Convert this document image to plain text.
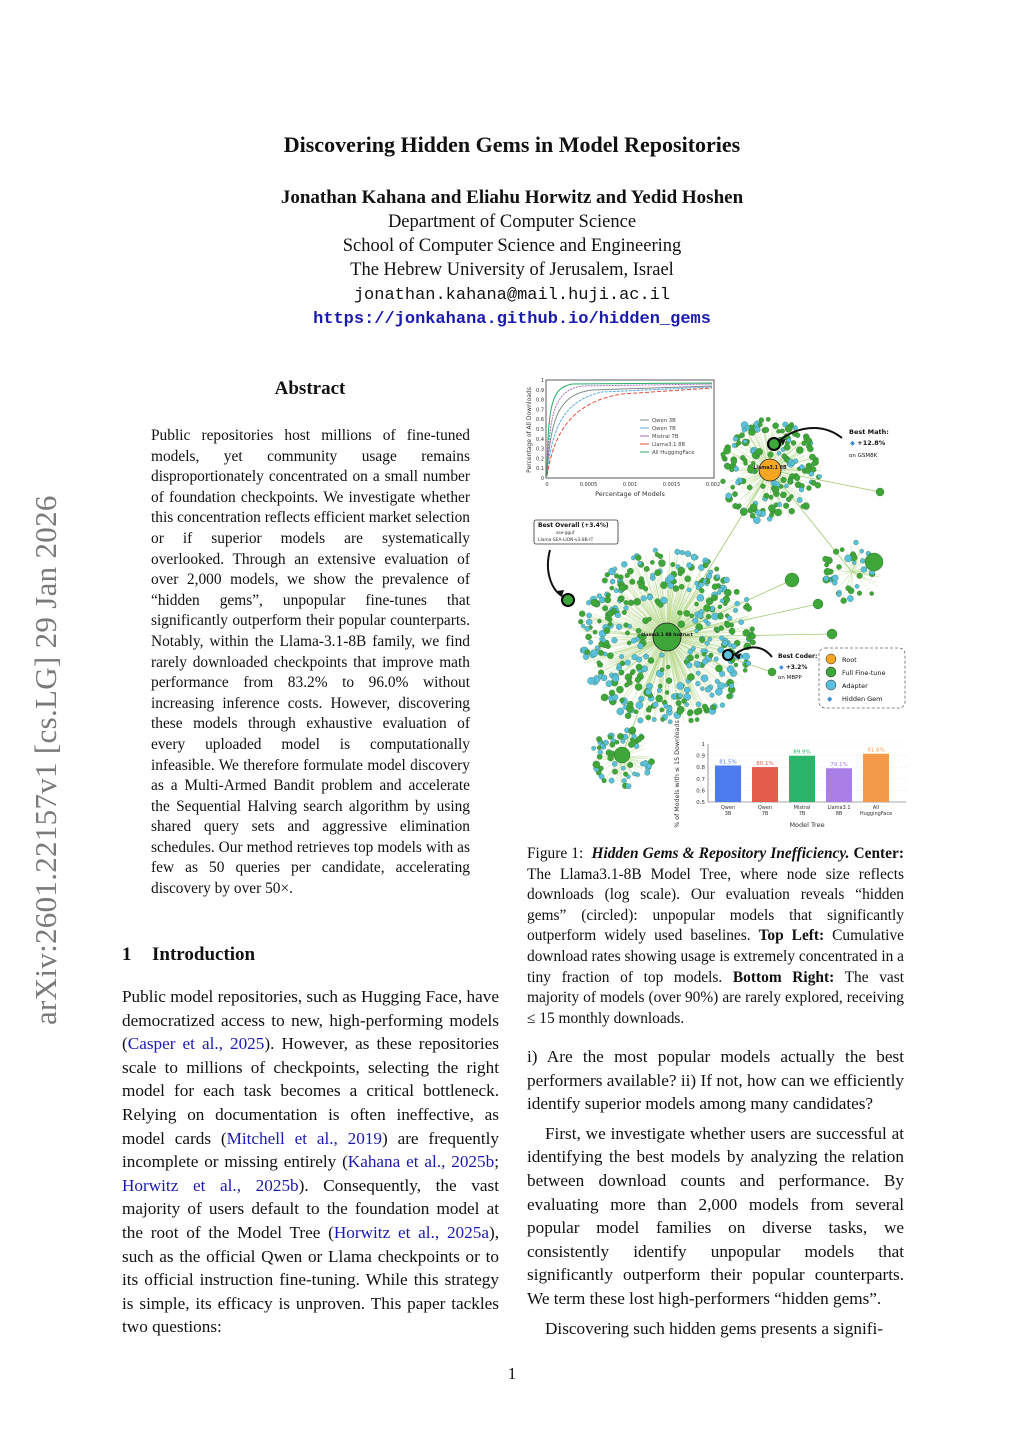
Discovering Hidden Gems in Model Repositories
Jonathan Kahana and Eliahu Horwitz and Yedid Hoshen
Department of Computer Science
School of Computer Science and Engineering
The Hebrew University of Jerusalem, Israel
jonathan.kahana@mail.huji.ac.il
https://jonkahana.github.io/hidden_gems
arXiv:2601.22157v1 [cs.LG] 29 Jan 2026
Abstract
Public repositories host millions of fine-tuned models, yet community usage remains disproportionately concentrated on a small number of foundation checkpoints. We investigate whether this concentration reflects efficient market selection or if superior models are systematically overlooked. Through an extensive evaluation of over 2,000 models, we show the prevalence of “hidden gems”, unpopular fine-tunes that significantly outperform their popular counterparts. Notably, within the Llama-3.1-8B family, we find rarely downloaded checkpoints that improve math performance from 83.2% to 96.0% without increasing inference costs. However, discovering these models through exhaustive evaluation of every uploaded model is computationally infeasible. We therefore formulate model discovery as a Multi-Armed Bandit problem and accelerate the Sequential Halving search algorithm by using shared query sets and aggressive elimination schedules. Our method retrieves top models with as few as 50 queries per candidate, accelerating discovery by over 50×.
1 Introduction
Public model repositories, such as Hugging Face, have democratized access to new, high-performing models (Casper et al., 2025). However, as these repositories scale to millions of checkpoints, selecting the right model for each task becomes a critical bottleneck. Relying on documentation is often ineffective, as model cards (Mitchell et al., 2019) are frequently incomplete or missing entirely (Kahana et al., 2025b; Horwitz et al., 2025b). Consequently, the vast majority of users default to the foundation model at the root of the Model Tree (Horwitz et al., 2025a), such as the official Qwen or Llama checkpoints or to its official instruction fine-tuning. While this strategy is simple, its efficacy is unproven. This paper tackles two questions:
0
0.1
0.2
0.3
0.4
0.5
0.6
0.7
0.8
0.9
1
0	0.0005	0.001	0.0015	0.002
Percentage of All Downloads
Percentage of Models
Qwen 3B
Qwen 7B
Mistral 7B
Llama3.1 8B
All HuggingFace
Llama3.1 8B
Llama3.1 8B Instruct
Best Math:
◆ +12.8%
on GSM8K
Best Overall (+3.4%)
ase-gguf
Llama-SEA-LION-v3-8B-IT
Best Coder:
◆ +3.2%
on MBPP
Root
Full Fine-tune
Adapter
◆ Hidden Gem
% of Models with ≤ 15 Downloads	0.5
0.6
0.7
0.8
0.9
1
81.5%
Qwen 3B
80.1%
Qwen 7B
89.9%
Mistral 7B
79.1%
Llama3.1 8B
91.6%
All HuggingFace
Model Tree
Figure 1: Hidden Gems & Repository Inefficiency. Center: The Llama3.1-8B Model Tree, where node size reflects downloads (log scale). Our evaluation reveals “hidden gems” (circled): unpopular models that significantly outperform widely used baselines. Top Left: Cumulative download rates showing usage is extremely concentrated in a tiny fraction of top models. Bottom Right: The vast majority of models (over 90%) are rarely explored, receiving ≤ 15 monthly downloads.

i) Are the most popular models actually the best performers available? ii) If not, how can we efficiently identify superior models among many candidates?

First, we investigate whether users are successful at identifying the best models by analyzing the relation between download counts and performance. By evaluating more than 2,000 models from several popular model families on diverse tasks, we consistently identify unpopular models that significantly outperform their popular counterparts. We term these lost high-performers “hidden gems”.

Discovering such hidden gems presents a signifi-

1
